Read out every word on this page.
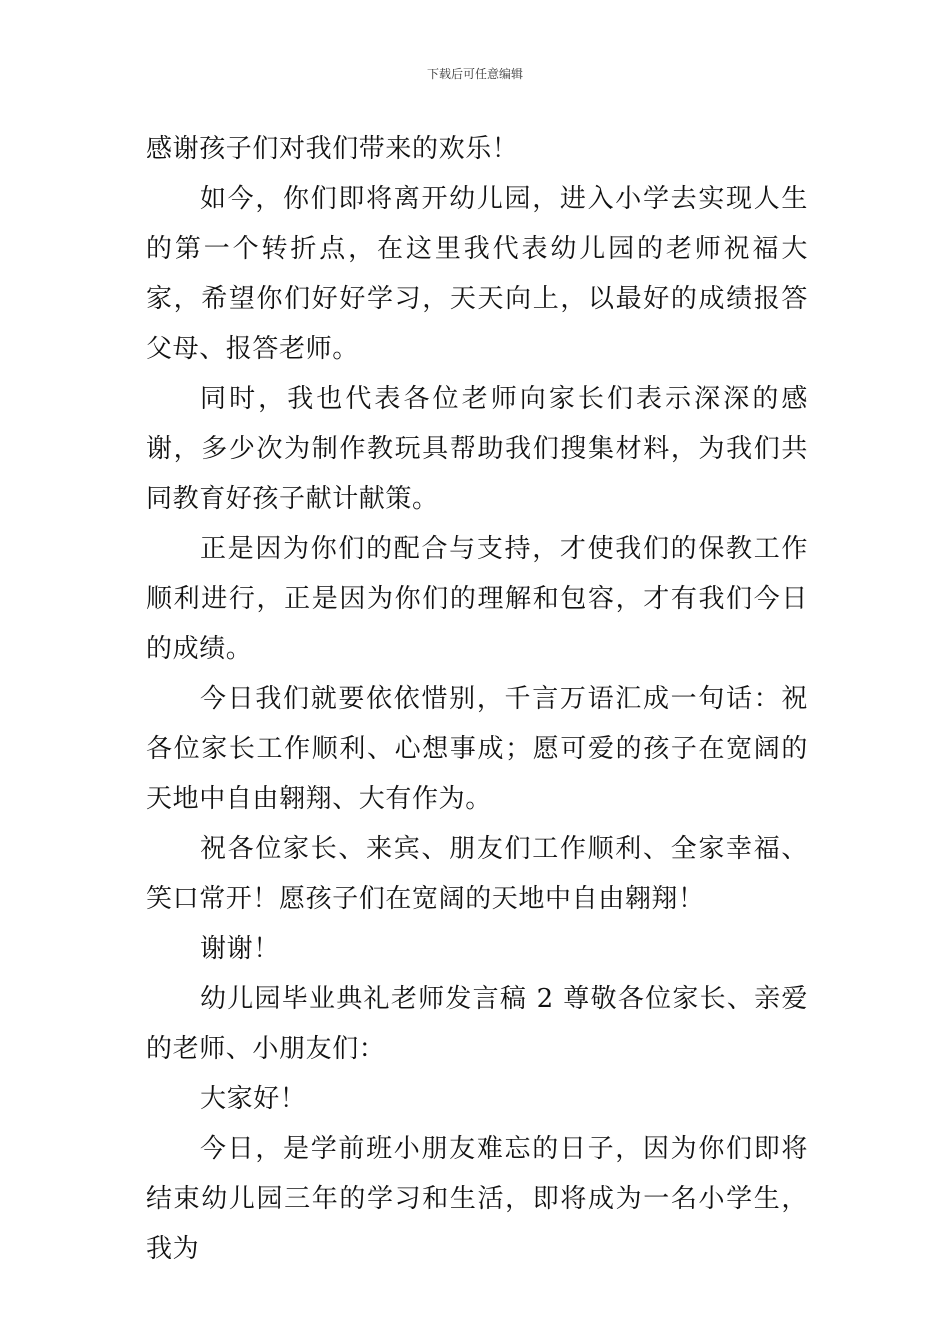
下载后可任意编辑

感谢孩子们对我们带来的欢乐！

如今，你们即将离开幼儿园，进入小学去实现人生的第一个转折点，在这里我代表幼儿园的老师祝福大家，希望你们好好学习，天天向上，以最好的成绩报答父母、报答老师。

同时，我也代表各位老师向家长们表示深深的感谢，多少次为制作教玩具帮助我们搜集材料，为我们共同教育好孩子献计献策。

正是因为你们的配合与支持，才使我们的保教工作顺利进行，正是因为你们的理解和包容，才有我们今日的成绩。

今日我们就要依依惜别，千言万语汇成一句话：祝各位家长工作顺利、心想事成；愿可爱的孩子在宽阔的天地中自由翱翔、大有作为。

祝各位家长、来宾、朋友们工作顺利、全家幸福、笑口常开！愿孩子们在宽阔的天地中自由翱翔！

谢谢！

幼儿园毕业典礼老师发言稿 2 尊敬各位家长、亲爱的老师、小朋友们：

大家好！

今日，是学前班小朋友难忘的日子，因为你们即将结束幼儿园三年的学习和生活，即将成为一名小学生，我为
